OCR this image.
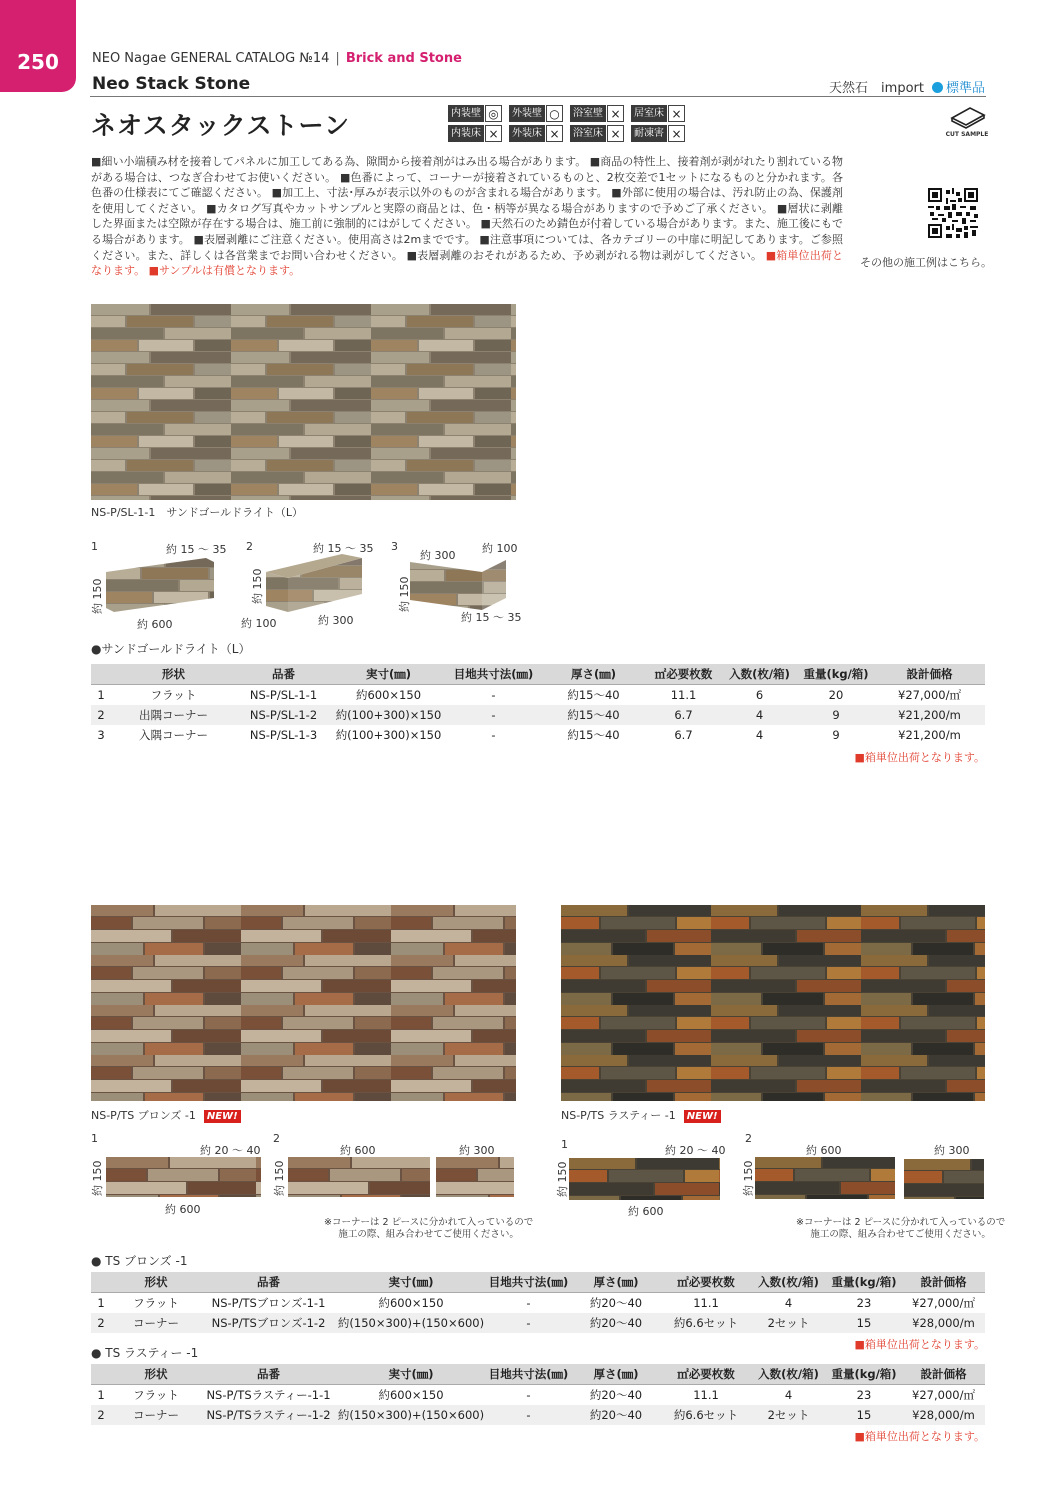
250	NEO Nagae GENERAL CATALOG №14 | Brick and Stone
Neo Stack Stone	天然石　import 標準品
ネオスタックストーン	内装壁 ◎	外装壁 ○	浴室壁 ×	居室床 ×
内装床 ×	外装床 ×	浴室床 ×	耐凍害 ×	CUT SAMPLE
■細い小端積み材を接着してパネルに加工してある為、隙間から接着剤がはみ出る場合があります。 ■商品の特性上、接着剤が剥がれたり割れている物がある場合は、つなぎ合わせてお使いください。 ■色番によって、コーナーが接着されているものと、2枚交差で1セットになるものと分かれます。各色番の仕様表にてご確認ください。 ■加工上、寸法･厚みが表示以外のものが含まれる場合があります。 ■外部に使用の場合は、汚れ防止の為、保護剤を使用してください。 ■カタログ写真やカットサンプルと実際の商品とは、色・柄等が異なる場合がありますので予めご了承ください。 ■層状に剥離した界面または空隙が存在する場合は、施工前に強制的にはがしてください。 ■天然石のため錆色が付着している場合があります。また、施工後にもでる場合があります。 ■表層剥離にご注意ください。使用高さは2mまでです。 ■注意事項については、各カテゴリーの中扉に明記してあります。ご参照ください。また、詳しくは各営業までお問い合わせください。 ■表層剥離のおそれがあるため、予め剥がれる物は剥がしてください。 ■箱単位出荷となります。 ■サンプルは有償となります。
その他の施工例はこちら。
NS-P/SL-1-1　サンドゴールドライト（L）
1	約 15 ～ 35
約 150
約 600
2	約 15 ～ 35
約 150
約 100	約 300
3
約 300
約 100
約 150
約 15 ～ 35
●サンドゴールドライト（L）
	形状	品番	実寸(㎜)	目地共寸法(㎜)	厚さ(㎜)	㎡必要枚数	入数(枚/箱)	重量(kg/箱)	設計価格
1	フラット	NS-P/SL-1-1	約600×150	-	約15～40	11.1	6	20	¥27,000/㎡
2	出隅コーナー	NS-P/SL-1-2	約(100+300)×150	-	約15～40	6.7	4	9	¥21,200/m
3	入隅コーナー	NS-P/SL-1-3	約(100+300)×150	-	約15～40	6.7	4	9	¥21,200/m
■箱単位出荷となります。
NS-P/TS ブロンズ -1 NEW!
1
約 20 ～ 40
約 150
約 600
2
約 600	約 300
約 150
※コーナーは 2 ピースに分かれて入っているので
施工の際、組み合わせてご使用ください。
NS-P/TS ラスティー -1 NEW!
1	約 20 ～ 40
約 150
約 600
2
約 600	約 300
約 150
※コーナーは 2 ピースに分かれて入っているので
施工の際、組み合わせてご使用ください。
● TS ブロンズ -1
	形状	品番	実寸(㎜)	目地共寸法(㎜)	厚さ(㎜)	㎡必要枚数	入数(枚/箱)	重量(kg/箱)	設計価格
1	フラット	NS-P/TSブロンズ-1-1	約600×150	-	約20～40	11.1	4	23	¥27,000/㎡
2	コーナー	NS-P/TSブロンズ-1-2	約(150×300)+(150×600)	-	約20～40	約6.6セット	2セット	15	¥28,000/m
■箱単位出荷となります。
● TS ラスティー -1
	形状	品番	実寸(㎜)	目地共寸法(㎜)	厚さ(㎜)	㎡必要枚数	入数(枚/箱)	重量(kg/箱)	設計価格
1	フラット	NS-P/TSラスティー-1-1	約600×150	-	約20～40	11.1	4	23	¥27,000/㎡
2	コーナー	NS-P/TSラスティー-1-2	約(150×300)+(150×600)	-	約20～40	約6.6セット	2セット	15	¥28,000/m
■箱単位出荷となります。
